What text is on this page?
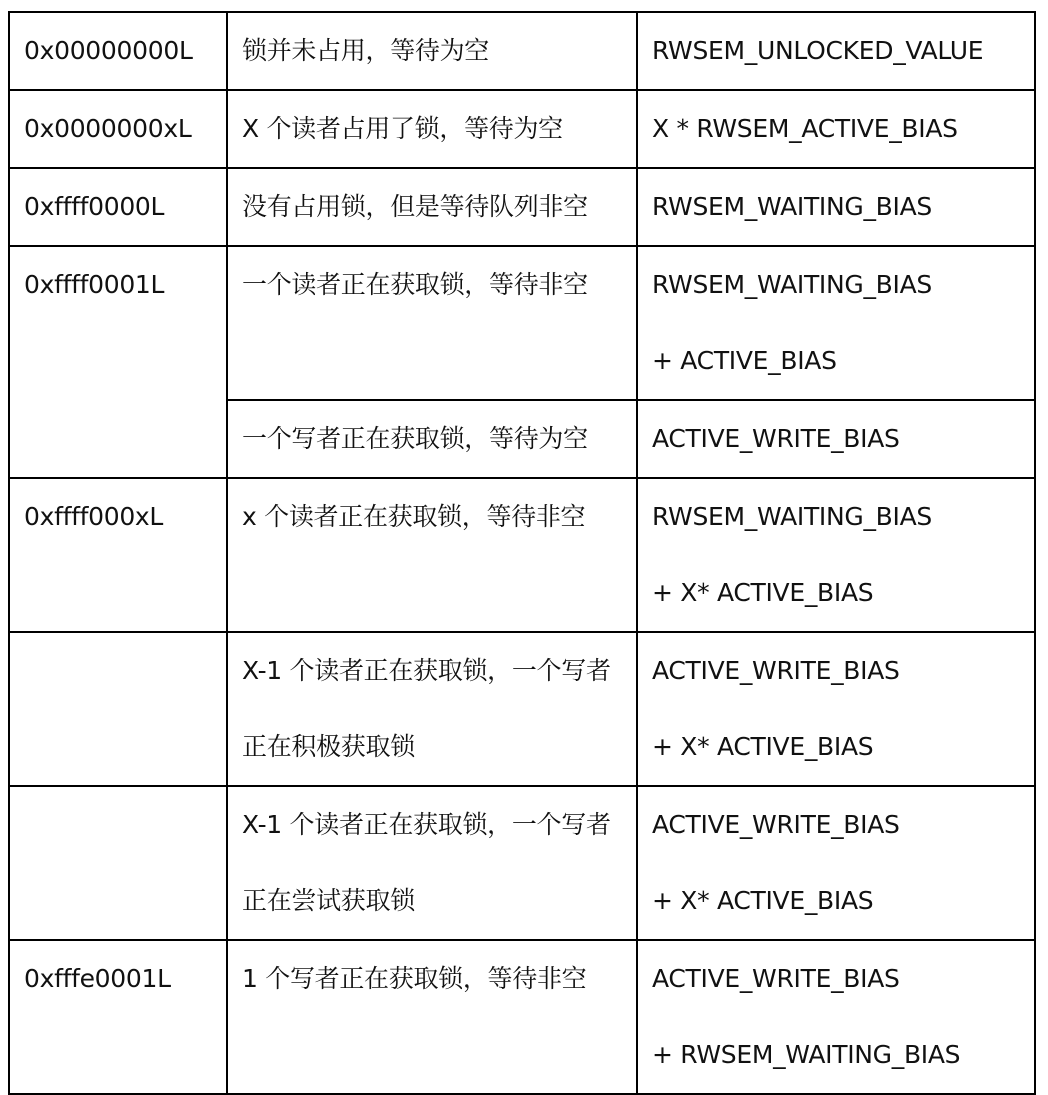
0x00000000L	锁并未占用，等待为空	RWSEM_UNLOCKED_VALUE
0x0000000xL	X 个读者占用了锁，等待为空	X * RWSEM_ACTIVE_BIAS
0xffff0000L	没有占用锁，但是等待队列非空	RWSEM_WAITING_BIAS
0xffff0001L	一个读者正在获取锁，等待非空	RWSEM_WAITING_BIAS
+ ACTIVE_BIAS
	一个写者正在获取锁，等待为空	ACTIVE_WRITE_BIAS
0xffff000xL	x 个读者正在获取锁，等待非空	RWSEM_WAITING_BIAS
+ X* ACTIVE_BIAS
	X-1 个读者正在获取锁，一个写者
正在积极获取锁	ACTIVE_WRITE_BIAS
+ X* ACTIVE_BIAS
	X-1 个读者正在获取锁，一个写者
正在尝试获取锁	ACTIVE_WRITE_BIAS
+ X* ACTIVE_BIAS
0xfffe0001L	1 个写者正在获取锁，等待非空	ACTIVE_WRITE_BIAS
+ RWSEM_WAITING_BIAS
